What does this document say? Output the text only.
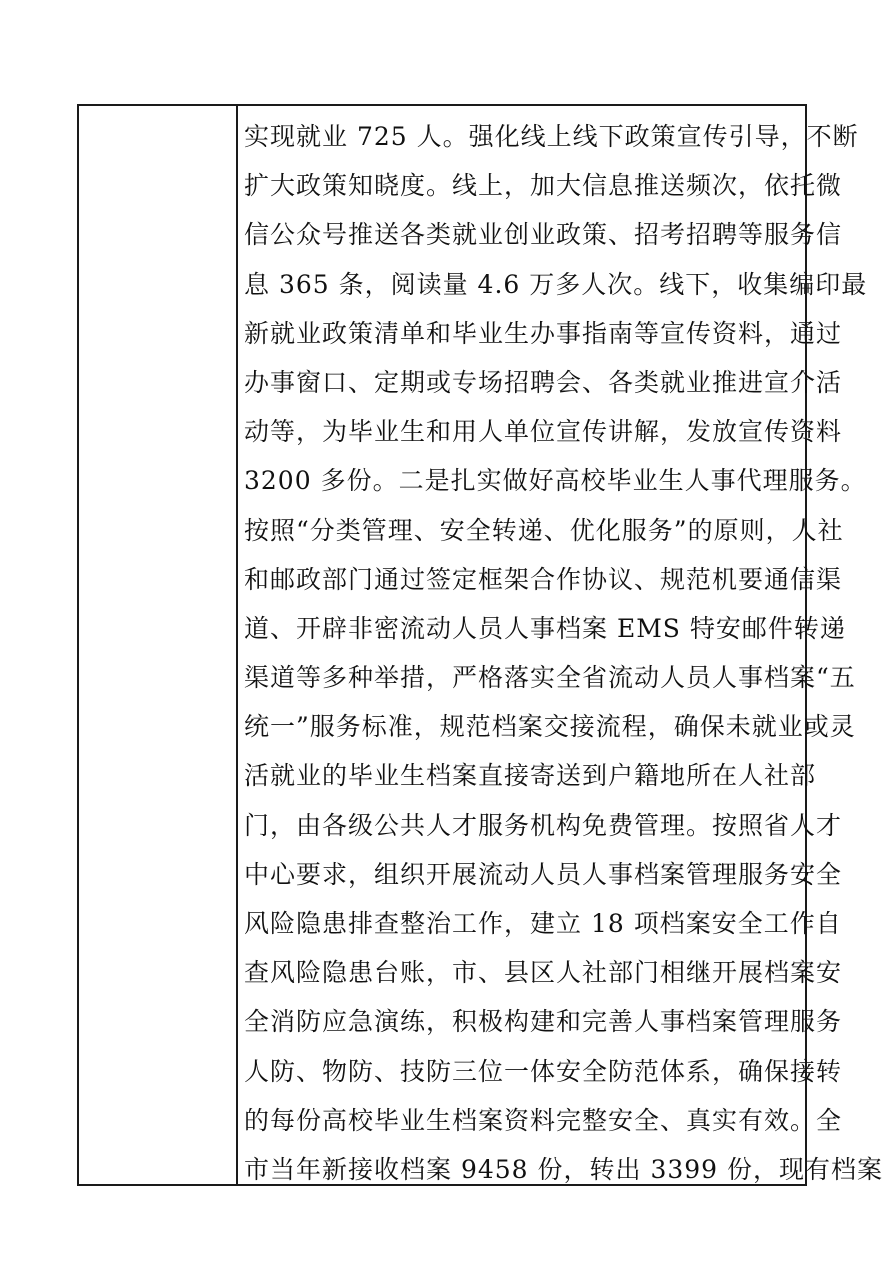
实现就业 725 人。强化线上线下政策宣传引导，不断
扩大政策知晓度。线上，加大信息推送频次，依托微
信公众号推送各类就业创业政策、招考招聘等服务信
息 365 条，阅读量 4.6 万多人次。线下，收集编印最
新就业政策清单和毕业生办事指南等宣传资料，通过
办事窗口、定期或专场招聘会、各类就业推进宣介活
动等，为毕业生和用人单位宣传讲解，发放宣传资料
3200 多份。二是扎实做好高校毕业生人事代理服务。
按照“分类管理、安全转递、优化服务”的原则，人社
和邮政部门通过签定框架合作协议、规范机要通信渠
道、开辟非密流动人员人事档案 EMS 特安邮件转递
渠道等多种举措，严格落实全省流动人员人事档案“五
统一”服务标准，规范档案交接流程，确保未就业或灵
活就业的毕业生档案直接寄送到户籍地所在人社部
门，由各级公共人才服务机构免费管理。按照省人才
中心要求，组织开展流动人员人事档案管理服务安全
风险隐患排查整治工作，建立 18 项档案安全工作自
查风险隐患台账，市、县区人社部门相继开展档案安
全消防应急演练，积极构建和完善人事档案管理服务
人防、物防、技防三位一体安全防范体系，确保接转
的每份高校毕业生档案资料完整安全、真实有效。全
市当年新接收档案 9458 份，转出 3399 份，现有档案
